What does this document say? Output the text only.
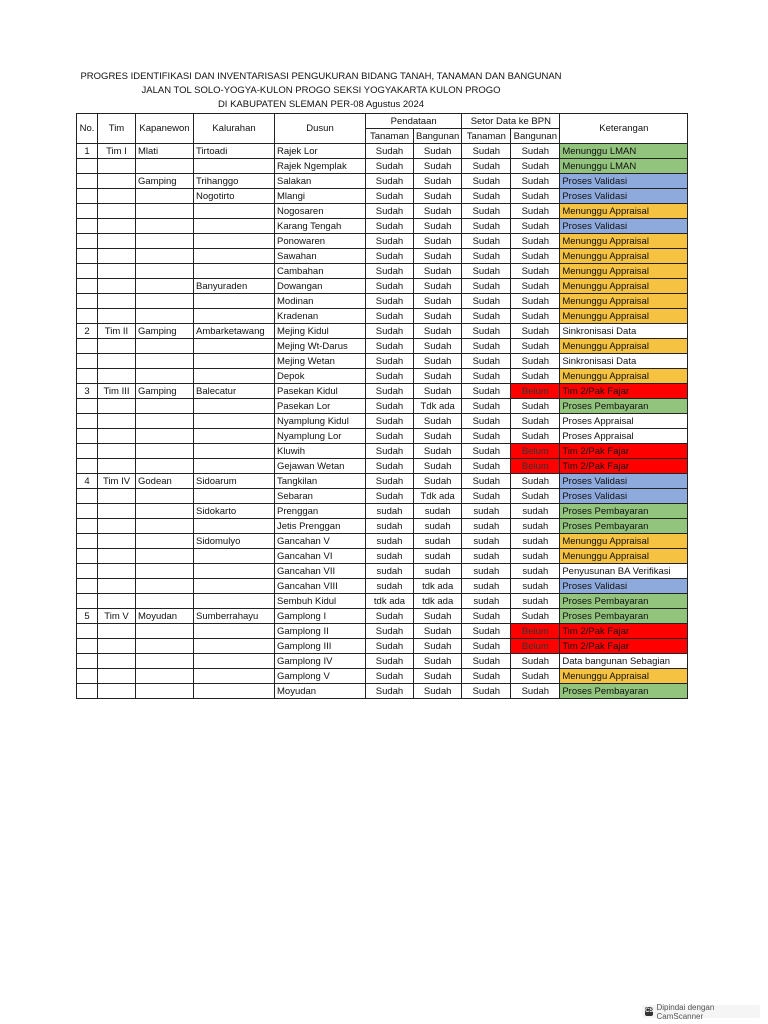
PROGRES IDENTIFIKASI DAN INVENTARISASI PENGUKURAN BIDANG TANAH, TANAMAN DAN BANGUNAN
JALAN TOL SOLO-YOGYA-KULON PROGO SEKSI YOGYAKARTA KULON PROGO
DI KABUPATEN SLEMAN PER-08 Agustus 2024
No.	Tim	Kapanewon	Kalurahan	Dusun	Pendataan		Setor Data ke BPN		Keterangan
					Tanaman	Bangunan	Tanaman	Bangunan	
1	Tim I	Mlati	Tirtoadi	Rajek Lor	Sudah	Sudah	Sudah	Sudah	Menunggu LMAN
				Rajek Ngemplak	Sudah	Sudah	Sudah	Sudah	Menunggu LMAN
		Gamping	Trihanggo	Salakan	Sudah	Sudah	Sudah	Sudah	Proses Validasi
			Nogotirto	Mlangi	Sudah	Sudah	Sudah	Sudah	Proses Validasi
				Nogosaren	Sudah	Sudah	Sudah	Sudah	Menunggu Appraisal
				Karang Tengah	Sudah	Sudah	Sudah	Sudah	Proses Validasi
				Ponowaren	Sudah	Sudah	Sudah	Sudah	Menunggu Appraisal
				Sawahan	Sudah	Sudah	Sudah	Sudah	Menunggu Appraisal
				Cambahan	Sudah	Sudah	Sudah	Sudah	Menunggu Appraisal
			Banyuraden	Dowangan	Sudah	Sudah	Sudah	Sudah	Menunggu Appraisal
				Modinan	Sudah	Sudah	Sudah	Sudah	Menunggu Appraisal
				Kradenan	Sudah	Sudah	Sudah	Sudah	Menunggu Appraisal
2	Tim II	Gamping	Ambarketawang	Mejing Kidul	Sudah	Sudah	Sudah	Sudah	Sinkronisasi Data
				Mejing Wt-Darus	Sudah	Sudah	Sudah	Sudah	Menunggu Appraisal
				Mejing Wetan	Sudah	Sudah	Sudah	Sudah	Sinkronisasi Data
				Depok	Sudah	Sudah	Sudah	Sudah	Menunggu Appraisal
3	Tim III	Gamping	Balecatur	Pasekan Kidul	Sudah	Sudah	Sudah	Belum	Tim 2/Pak Fajar
				Pasekan Lor	Sudah	Tdk ada	Sudah	Sudah	Proses Pembayaran
				Nyamplung Kidul	Sudah	Sudah	Sudah	Sudah	Proses Appraisal
				Nyamplung Lor	Sudah	Sudah	Sudah	Sudah	Proses Appraisal
				Kluwih	Sudah	Sudah	Sudah	Belum	Tim 2/Pak Fajar
				Gejawan Wetan	Sudah	Sudah	Sudah	Belum	Tim 2/Pak Fajar
4	Tim IV	Godean	Sidoarum	Tangkilan	Sudah	Sudah	Sudah	Sudah	Proses Validasi
				Sebaran	Sudah	Tdk ada	Sudah	Sudah	Proses Validasi
			Sidokarto	Prenggan	sudah	sudah	sudah	sudah	Proses Pembayaran
				Jetis Prenggan	sudah	sudah	sudah	sudah	Proses Pembayaran
			Sidomulyo	Gancahan V	sudah	sudah	sudah	sudah	Menunggu Appraisal
				Gancahan VI	sudah	sudah	sudah	sudah	Menunggu Appraisal
				Gancahan VII	sudah	sudah	sudah	sudah	Penyusunan BA Verifikasi
				Gancahan VIII	sudah	tdk ada	sudah	sudah	Proses Validasi
				Sembuh Kidul	tdk ada	tdk ada	sudah	sudah	Proses Pembayaran
5	Tim V	Moyudan	Sumberrahayu	Gamplong I	Sudah	Sudah	Sudah	Sudah	Proses Pembayaran
				Gamplong II	Sudah	Sudah	Sudah	Belum	Tim 2/Pak Fajar
				Gamplong III	Sudah	Sudah	Sudah	Belum	Tim 2/Pak Fajar
				Gamplong IV	Sudah	Sudah	Sudah	Sudah	Data bangunan Sebagian
				Gamplong V	Sudah	Sudah	Sudah	Sudah	Menunggu Appraisal
				Moyudan	Sudah	Sudah	Sudah	Sudah	Proses Pembayaran
CS Dipindai dengan CamScanner
